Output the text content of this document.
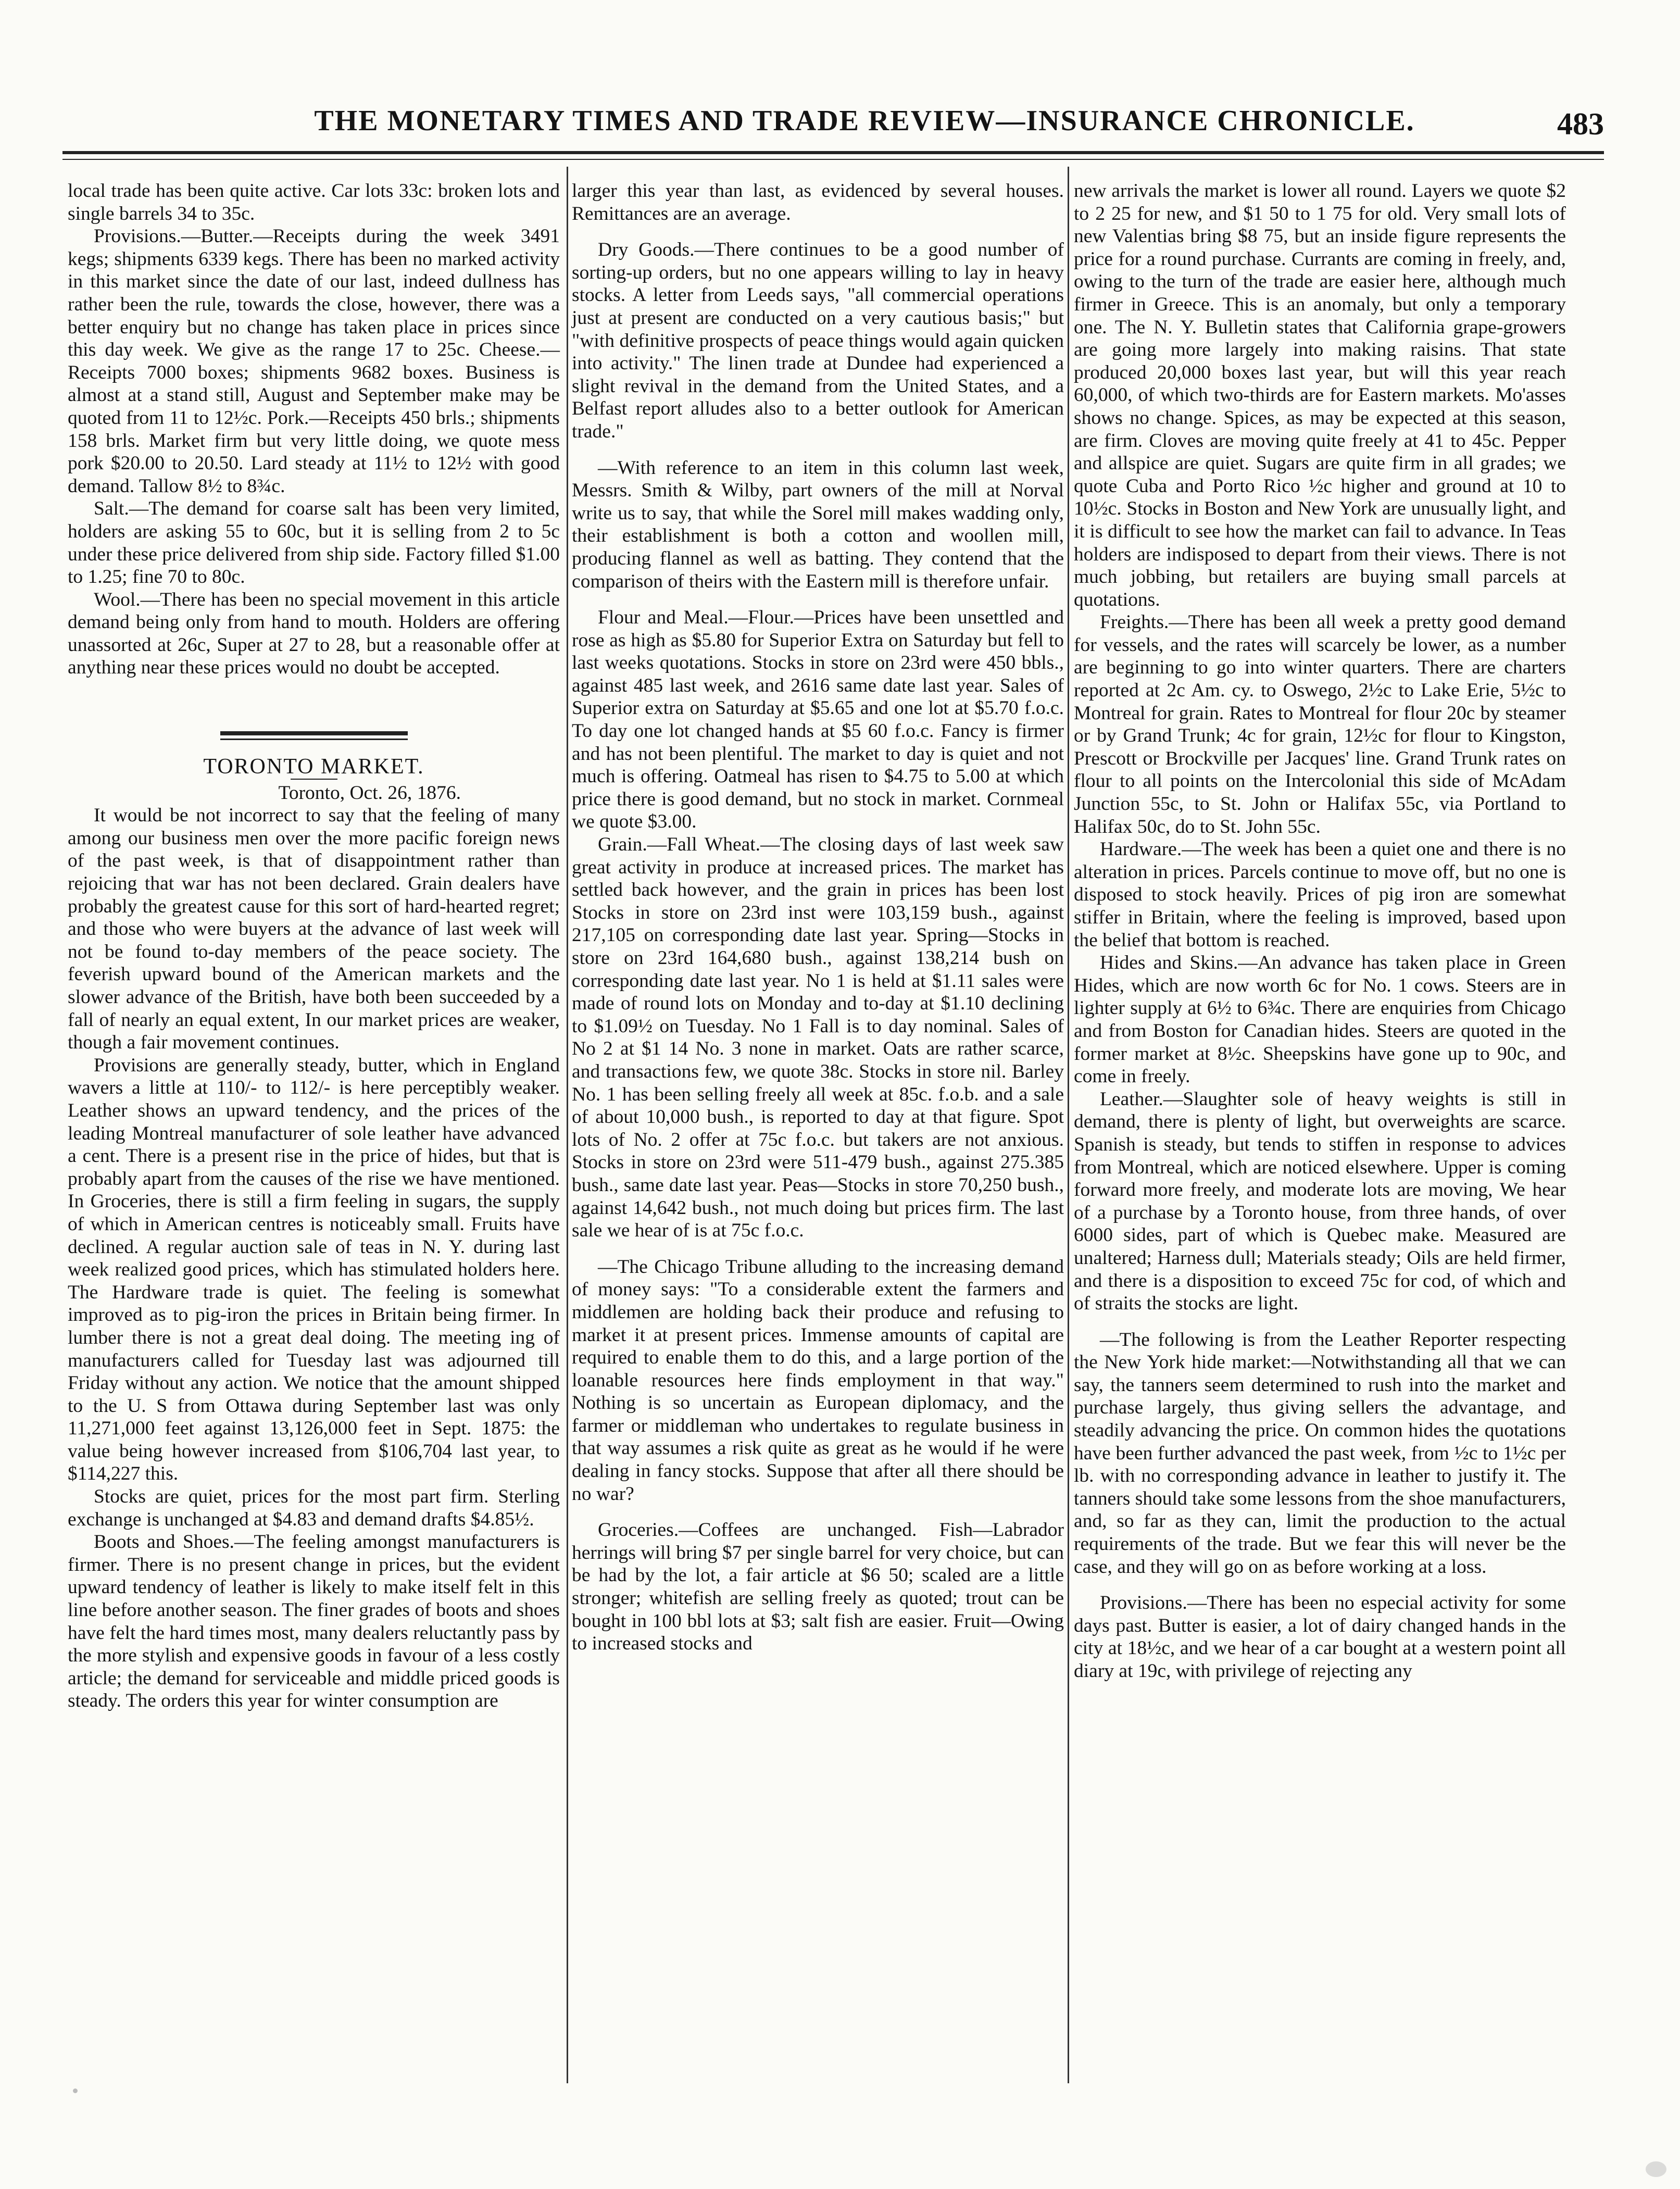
THE MONETARY TIMES AND TRADE REVIEW—INSURANCE CHRONICLE.	483

local trade has been quite active. Car lots 33c: broken lots and single barrels 34 to 35c.

Provisions.—Butter.—Receipts during the week 3491 kegs; shipments 6339 kegs. There has been no marked activity in this market since the date of our last, indeed dullness has rather been the rule, towards the close, however, there was a better enquiry but no change has taken place in prices since this day week. We give as the range 17 to 25c. Cheese.—Receipts 7000 boxes; shipments 9682 boxes. Business is almost at a stand still, August and September make may be quoted from 11 to 12½c. Pork.—Receipts 450 brls.; shipments 158 brls. Market firm but very little doing, we quote mess pork $20.00 to 20.50. Lard steady at 11½ to 12½ with good demand. Tallow 8½ to 8¾c.

Salt.—The demand for coarse salt has been very limited, holders are asking 55 to 60c, but it is selling from 2 to 5c under these price delivered from ship side. Factory filled $1.00 to 1.25; fine 70 to 80c.

Wool.—There has been no special movement in this article demand being only from hand to mouth. Holders are offering unassorted at 26c, Super at 27 to 28, but a reasonable offer at anything near these prices would no doubt be accepted.

TORONTO MARKET.

Toronto, Oct. 26, 1876.

It would be not incorrect to say that the feeling of many among our business men over the more pacific foreign news of the past week, is that of disappointment rather than rejoicing that war has not been declared. Grain dealers have probably the greatest cause for this sort of hard-hearted regret; and those who were buyers at the advance of last week will not be found to-day members of the peace society. The feverish upward bound of the American markets and the slower advance of the British, have both been succeeded by a fall of nearly an equal extent, In our market prices are weaker, though a fair movement continues.

Provisions are generally steady, butter, which in England wavers a little at 110/- to 112/- is here perceptibly weaker. Leather shows an upward tendency, and the prices of the leading Montreal manufacturer of sole leather have advanced a cent. There is a present rise in the price of hides, but that is probably apart from the causes of the rise we have mentioned. In Groceries, there is still a firm feeling in sugars, the supply of which in American centres is noticeably small. Fruits have declined. A regular auction sale of teas in N. Y. during last week realized good prices, which has stimulated holders here. The Hardware trade is quiet. The feeling is somewhat improved as to pig-iron the prices in Britain being firmer. In lumber there is not a great deal doing. The meeting ing of manufacturers called for Tuesday last was adjourned till Friday without any action. We notice that the amount shipped to the U. S from Ottawa during September last was only 11,271,000 feet against 13,126,000 feet in Sept. 1875: the value being however increased from $106,704 last year, to $114,227 this.

Stocks are quiet, prices for the most part firm. Sterling exchange is unchanged at $4.83 and demand drafts $4.85½.

Boots and Shoes.—The feeling amongst manufacturers is firmer. There is no present change in prices, but the evident upward tendency of leather is likely to make itself felt in this line before another season. The finer grades of boots and shoes have felt the hard times most, many dealers reluctantly pass by the more stylish and expensive goods in favour of a less costly article; the demand for serviceable and middle priced goods is steady. The orders this year for winter consumption are

larger this year than last, as evidenced by several houses. Remittances are an average.

Dry Goods.—There continues to be a good number of sorting-up orders, but no one appears willing to lay in heavy stocks. A letter from Leeds says, "all commercial operations just at present are conducted on a very cautious basis;" but "with definitive prospects of peace things would again quicken into activity." The linen trade at Dundee had experienced a slight revival in the demand from the United States, and a Belfast report alludes also to a better outlook for American trade."

—With reference to an item in this column last week, Messrs. Smith & Wilby, part owners of the mill at Norval write us to say, that while the Sorel mill makes wadding only, their establishment is both a cotton and woollen mill, producing flannel as well as batting. They contend that the comparison of theirs with the Eastern mill is therefore unfair.

Flour and Meal.—Flour.—Prices have been unsettled and rose as high as $5.80 for Superior Extra on Saturday but fell to last weeks quotations. Stocks in store on 23rd were 450 bbls., against 485 last week, and 2616 same date last year. Sales of Superior extra on Saturday at $5.65 and one lot at $5.70 f.o.c. To day one lot changed hands at $5 60 f.o.c. Fancy is firmer and has not been plentiful. The market to day is quiet and not much is offering. Oatmeal has risen to $4.75 to 5.00 at which price there is good demand, but no stock in market. Cornmeal we quote $3.00.

Grain.—Fall Wheat.—The closing days of last week saw great activity in produce at increased prices. The market has settled back however, and the grain in prices has been lost Stocks in store on 23rd inst were 103,159 bush., against 217,105 on corresponding date last year. Spring—Stocks in store on 23rd 164,680 bush., against 138,214 bush on corresponding date last year. No 1 is held at $1.11 sales were made of round lots on Monday and to-day at $1.10 declining to $1.09½ on Tuesday. No 1 Fall is to day nominal. Sales of No 2 at $1 14 No. 3 none in market. Oats are rather scarce, and transactions few, we quote 38c. Stocks in store nil. Barley No. 1 has been selling freely all week at 85c. f.o.b. and a sale of about 10,000 bush., is reported to day at that figure. Spot lots of No. 2 offer at 75c f.o.c. but takers are not anxious. Stocks in store on 23rd were 511-479 bush., against 275.385 bush., same date last year. Peas—Stocks in store 70,250 bush., against 14,642 bush., not much doing but prices firm. The last sale we hear of is at 75c f.o.c.

—The Chicago Tribune alluding to the increasing demand of money says: "To a considerable extent the farmers and middlemen are holding back their produce and refusing to market it at present prices. Immense amounts of capital are required to enable them to do this, and a large portion of the loanable resources here finds employment in that way." Nothing is so uncertain as European diplomacy, and the farmer or middleman who undertakes to regulate business in that way assumes a risk quite as great as he would if he were dealing in fancy stocks. Suppose that after all there should be no war?

Groceries.—Coffees are unchanged. Fish—Labrador herrings will bring $7 per single barrel for very choice, but can be had by the lot, a fair article at $6 50; scaled are a little stronger; whitefish are selling freely as quoted; trout can be bought in 100 bbl lots at $3; salt fish are easier. Fruit—Owing to increased stocks and

new arrivals the market is lower all round. Layers we quote $2 to 2 25 for new, and $1 50 to 1 75 for old. Very small lots of new Valentias bring $8 75, but an inside figure represents the price for a round purchase. Currants are coming in freely, and, owing to the turn of the trade are easier here, although much firmer in Greece. This is an anomaly, but only a temporary one. The N. Y. Bulletin states that California grape-growers are going more largely into making raisins. That state produced 20,000 boxes last year, but will this year reach 60,000, of which two-thirds are for Eastern markets. Mo'asses shows no change. Spices, as may be expected at this season, are firm. Cloves are moving quite freely at 41 to 45c. Pepper and allspice are quiet. Sugars are quite firm in all grades; we quote Cuba and Porto Rico ½c higher and ground at 10 to 10½c. Stocks in Boston and New York are unusually light, and it is difficult to see how the market can fail to advance. In Teas holders are indisposed to depart from their views. There is not much jobbing, but retailers are buying small parcels at quotations.

Freights.—There has been all week a pretty good demand for vessels, and the rates will scarcely be lower, as a number are beginning to go into winter quarters. There are charters reported at 2c Am. cy. to Oswego, 2½c to Lake Erie, 5½c to Montreal for grain. Rates to Montreal for flour 20c by steamer or by Grand Trunk; 4c for grain, 12½c for flour to Kingston, Prescott or Brockville per Jacques' line. Grand Trunk rates on flour to all points on the Intercolonial this side of McAdam Junction 55c, to St. John or Halifax 55c, via Portland to Halifax 50c, do to St. John 55c.

Hardware.—The week has been a quiet one and there is no alteration in prices. Parcels continue to move off, but no one is disposed to stock heavily. Prices of pig iron are somewhat stiffer in Britain, where the feeling is improved, based upon the belief that bottom is reached.

Hides and Skins.—An advance has taken place in Green Hides, which are now worth 6c for No. 1 cows. Steers are in lighter supply at 6½ to 6¾c. There are enquiries from Chicago and from Boston for Canadian hides. Steers are quoted in the former market at 8½c. Sheepskins have gone up to 90c, and come in freely.

Leather.—Slaughter sole of heavy weights is still in demand, there is plenty of light, but overweights are scarce. Spanish is steady, but tends to stiffen in response to advices from Montreal, which are noticed elsewhere. Upper is coming forward more freely, and moderate lots are moving, We hear of a purchase by a Toronto house, from three hands, of over 6000 sides, part of which is Quebec make. Measured are unaltered; Harness dull; Materials steady; Oils are held firmer, and there is a disposition to exceed 75c for cod, of which and of straits the stocks are light.

—The following is from the Leather Reporter respecting the New York hide market:—Notwithstanding all that we can say, the tanners seem determined to rush into the market and purchase largely, thus giving sellers the advantage, and steadily advancing the price. On common hides the quotations have been further advanced the past week, from ½c to 1½c per lb. with no corresponding advance in leather to justify it. The tanners should take some lessons from the shoe manufacturers, and, so far as they can, limit the production to the actual requirements of the trade. But we fear this will never be the case, and they will go on as before working at a loss.

Provisions.—There has been no especial activity for some days past. Butter is easier, a lot of dairy changed hands in the city at 18½c, and we hear of a car bought at a western point all diary at 19c, with privilege of rejecting any
